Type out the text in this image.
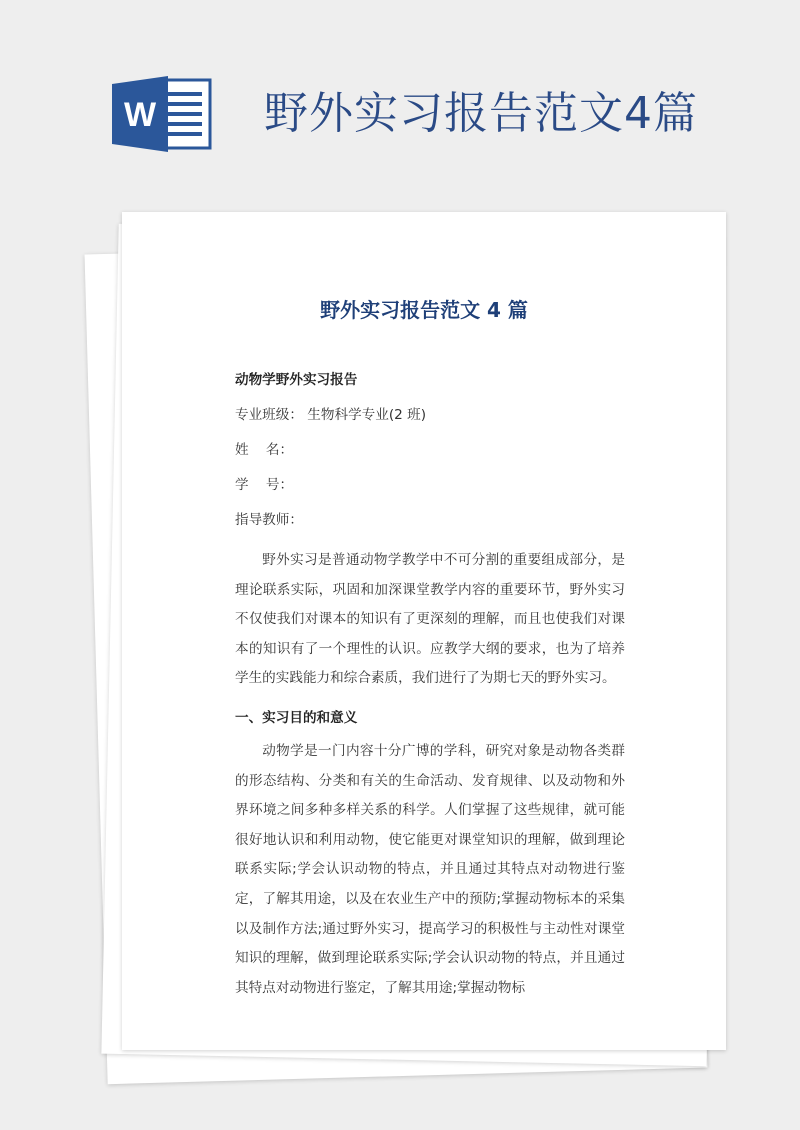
W 野外实习报告范文4篇
野外实习报告范文 4 篇

动物学野外实习报告

专业班级： 生物科学专业(2 班)

姓    名：

学    号：

指导教师：

野外实习是普通动物学教学中不可分割的重要组成部分，是理论联系实际，巩固和加深课堂教学内容的重要环节，野外实习不仅使我们对课本的知识有了更深刻的理解，而且也使我们对课本的知识有了一个理性的认识。应教学大纲的要求，也为了培养学生的实践能力和综合素质，我们进行了为期七天的野外实习。

一、实习目的和意义

动物学是一门内容十分广博的学科，研究对象是动物各类群的形态结构、分类和有关的生命活动、发育规律、以及动物和外界环境之间多种多样关系的科学。人们掌握了这些规律，就可能很好地认识和利用动物，使它能更对课堂知识的理解，做到理论联系实际;学会认识动物的特点，并且通过其特点对动物进行鉴定，了解其用途，以及在农业生产中的预防;掌握动物标本的采集以及制作方法;通过野外实习，提高学习的积极性与主动性对课堂知识的理解，做到理论联系实际;学会认识动物的特点，并且通过其特点对动物进行鉴定，了解其用途;掌握动物标
